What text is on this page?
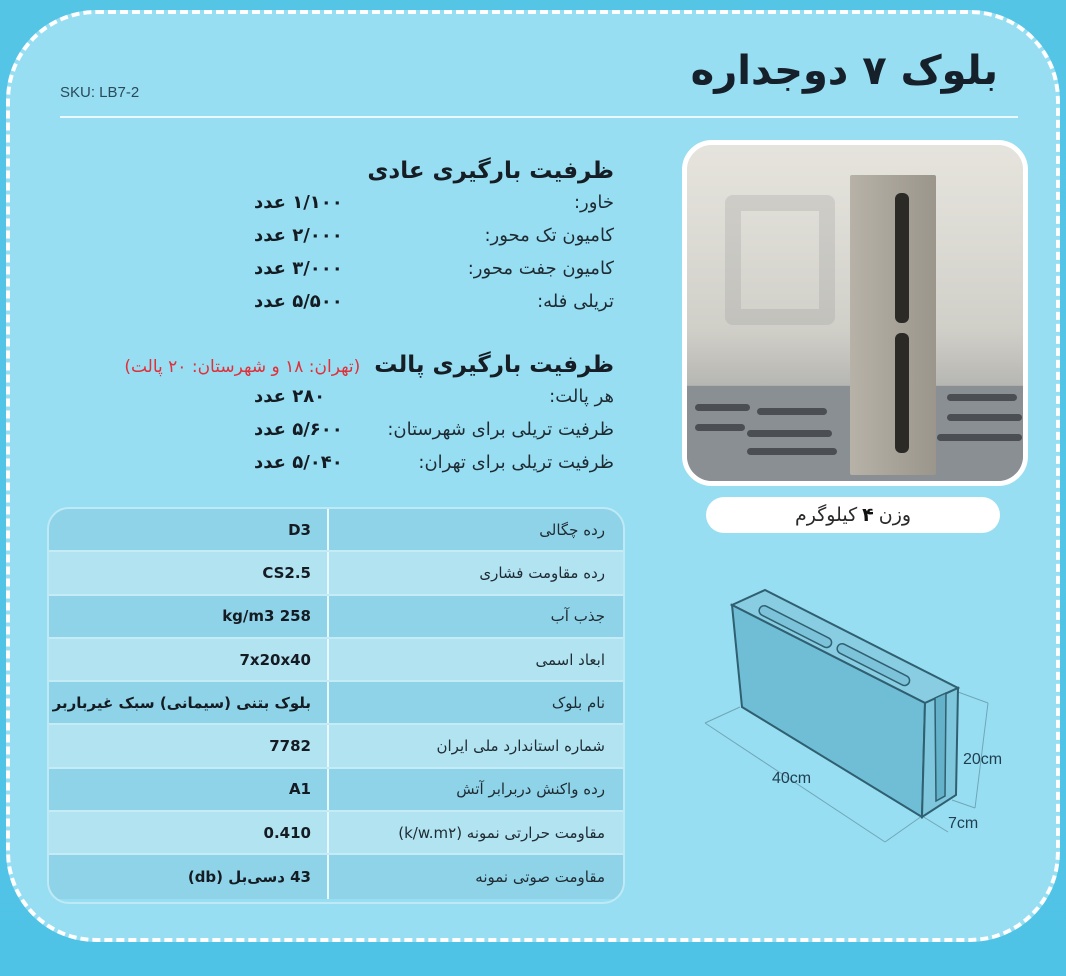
بلوک ۷ دوجداره
SKU: LB7-2
ظرفیت بارگیری عادی
خاور:
۱/۱۰۰ عدد
کامیون تک محور:
۲/۰۰۰ عدد
کامیون جفت محور:
۳/۰۰۰ عدد
تریلی فله:
۵/۵۰۰ عدد
ظرفیت بارگیری پالت (تهران: ۱۸ و شهرستان: ۲۰ پالت)
هر پالت:
۲۸۰ عدد
ظرفیت تریلی برای شهرستان:
۵/۶۰۰ عدد
ظرفیت تریلی برای تهران:
۵/۰۴۰ عدد
وزن
۴
کیلوگرم
40cm
20cm
7cm
رده چگالی
D3
رده مقاومت فشاری
CS2.5
جذب آب
258 kg/m3
ابعاد اسمی
7x20x40
نام بلوک
بلوک بتنی (سیمانی) سبک غیرباربر
شماره استاندارد ملی ایران
7782
رده واکنش دربرابر آتش
A1
مقاومت حرارتی نمونه (k/w.m۲)
0.410
مقاومت صوتی نمونه
43 دسی‌بل (db)
